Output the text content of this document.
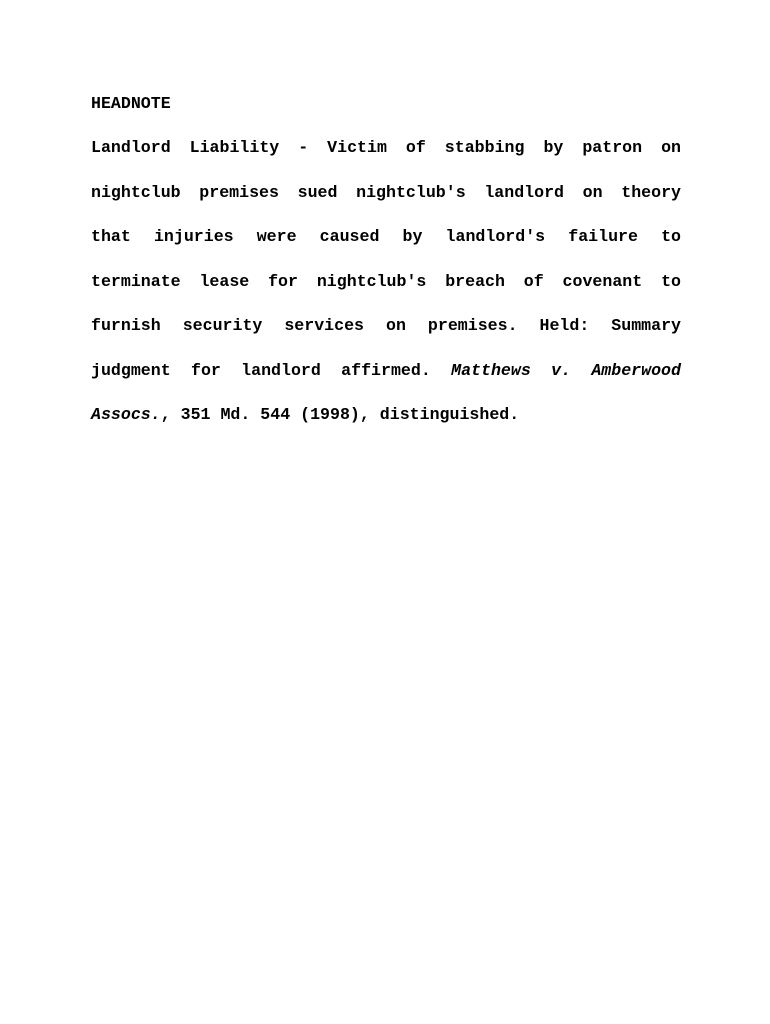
HEADNOTE

Landlord Liability - Victim of stabbing by patron on
nightclub premises sued nightclub's landlord on theory
that injuries were caused by landlord's failure to
terminate lease for nightclub's breach of covenant to
furnish security services on premises. Held: Summary
judgment for landlord affirmed. Matthews v. Amberwood
Assocs., 351 Md. 544 (1998), distinguished.
